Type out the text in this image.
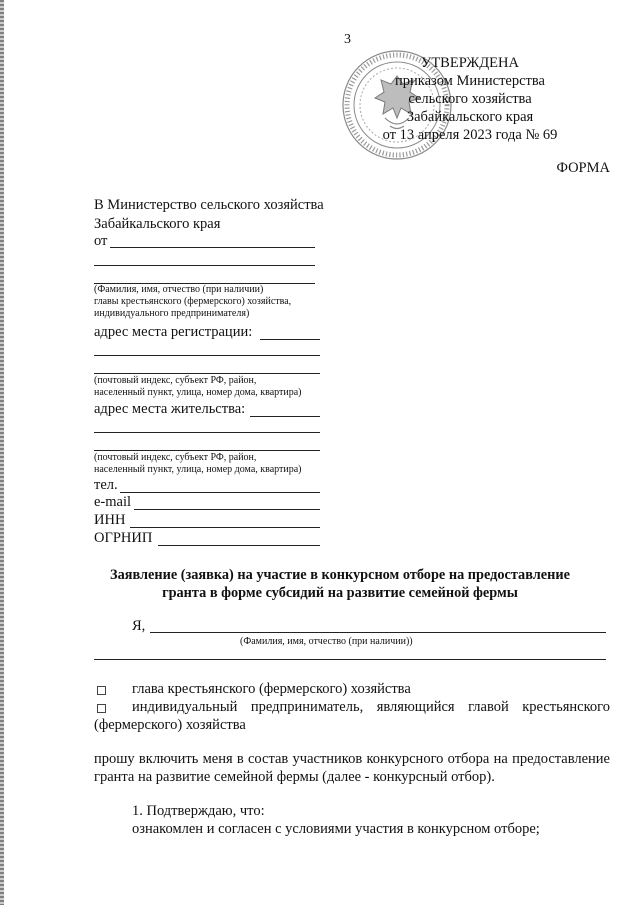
3
УТВЕРЖДЕНА
приказом Министерства
сельского хозяйства
Забайкальского края
от 13 апреля 2023 года № 69
ФОРМА
В Министерство сельского хозяйства
Забайкальского края
от
(Фамилия, имя, отчество (при наличии)
главы крестьянского (фермерского) хозяйства,
индивидуального предпринимателя)
адрес места регистрации:
(почтовый индекс, субъект РФ, район,
населенный пункт, улица, номер дома, квартира)
адрес места жительства:
(почтовый индекс, субъект РФ, район,
населенный пункт, улица, номер дома, квартира)
тел.
e-mail
ИНН
ОГРНИП
Заявление (заявка) на участие в конкурсном отборе на предоставление
гранта в форме субсидий на развитие семейной фермы
Я,
(Фамилия, имя, отчество (при наличии))
глава крестьянского (фермерского) хозяйства
индивидуальный предприниматель, являющийся главой крестьянского (фермерского) хозяйства
прошу включить меня в состав участников конкурсного отбора на предоставление гранта на развитие семейной фермы (далее - конкурсный отбор).
1. Подтверждаю, что:
ознакомлен и согласен с условиями участия в конкурсном отборе;
